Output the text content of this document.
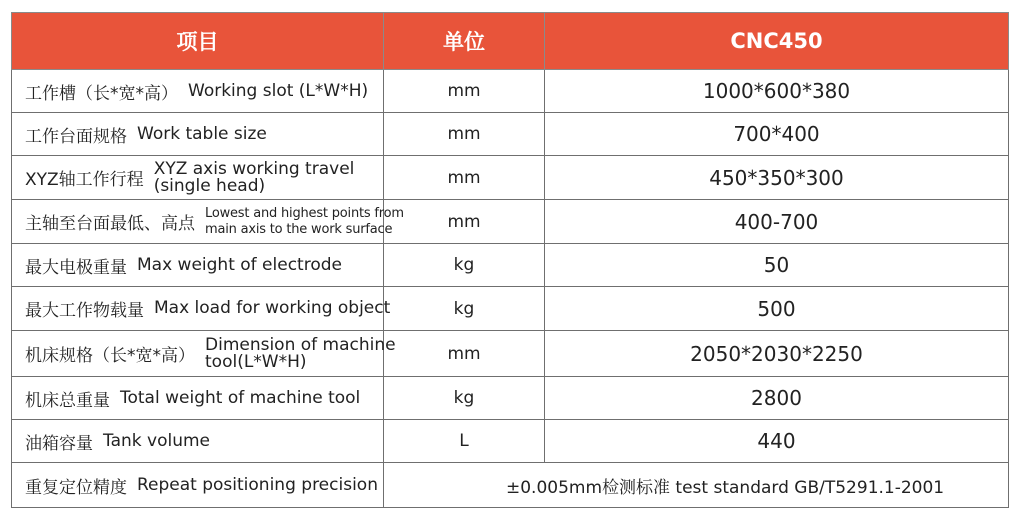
项目	单位	CNC450

工作槽（长*宽*高） Working slot (L*W*H)	mm	1000*600*380

工作台面规格 Work table size	mm	700*400

XYZ轴工作行程
XYZ axis working travel
(single head)	mm	450*350*300

主轴至台面最低、高点
Lowest and highest points from
main axis to the work surface	mm	400-700

最大电极重量 Max weight of electrode	kg	50

最大工作物载量 Max load for working object	kg	500

机床规格（长*宽*高）
Dimension of machine
tool(L*W*H)	mm	2050*2030*2250

机床总重量 Total weight of machine tool	kg	2800

油箱容量 Tank volume	L	440

重复定位精度 Repeat positioning precision	±0.005mm检测标准 test standard GB/T5291.1-2001	
